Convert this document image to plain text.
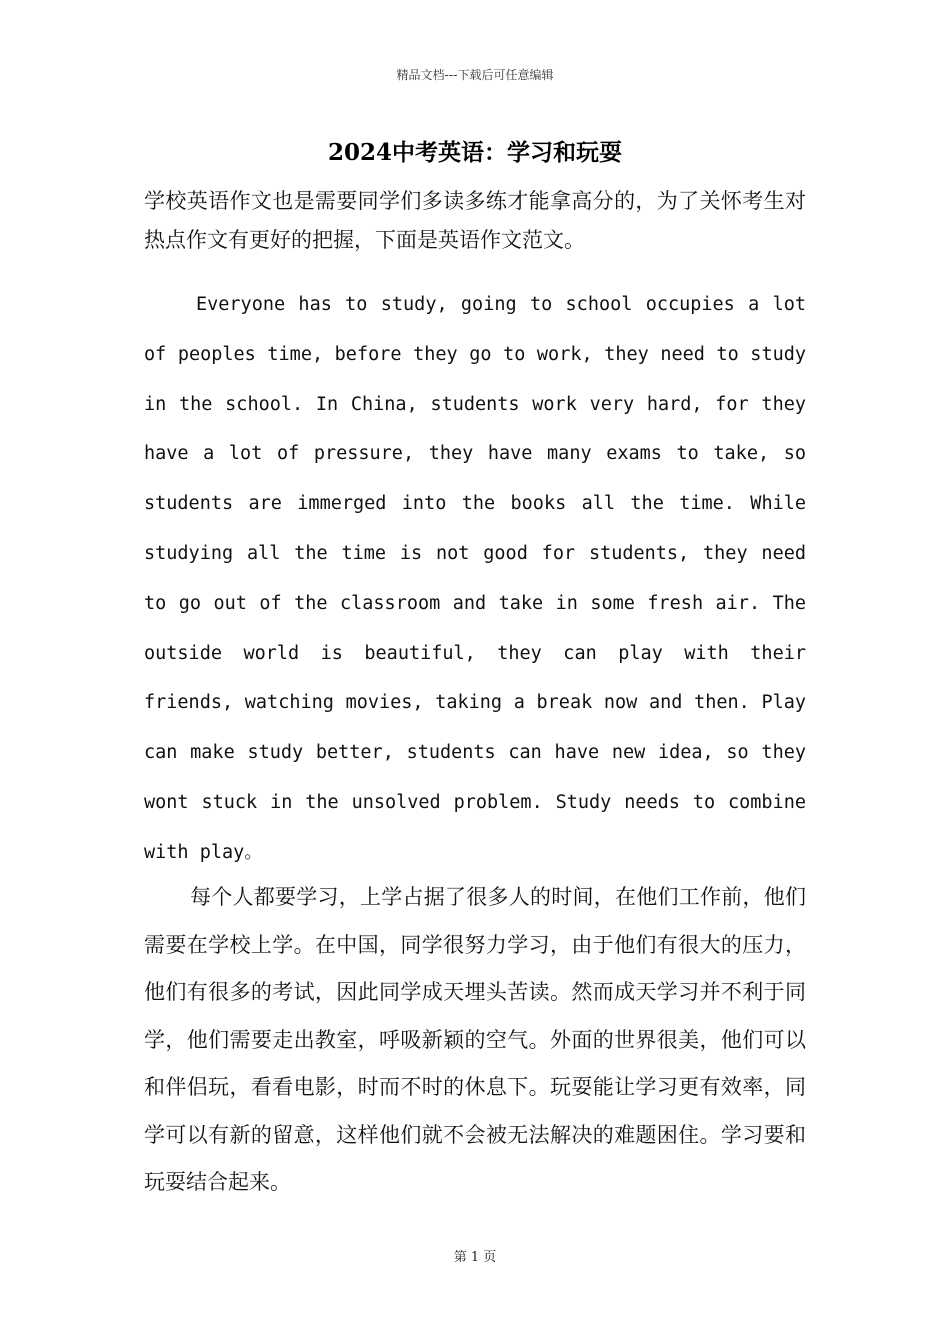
精品文档---下载后可任意编辑
2024中考英语：学习和玩耍

学校英语作文也是需要同学们多读多练才能拿高分的，为了关怀考生对热点作文有更好的把握，下面是英语作文范文。

Everyone has to study, going to school occupies a lot of peoples time, before they go to work, they need to study in the school. In China, students work very hard, for they have a lot of pressure, they have many exams to take, so students are immerged into the books all the time. While studying all the time is not good for students, they need to go out of the classroom and take in some fresh air. The outside world is beautiful, they can play with their friends, watching movies, taking a break now and then. Play can make study better, students can have new idea, so they wont stuck in the unsolved problem. Study needs to combine with play。

每个人都要学习，上学占据了很多人的时间，在他们工作前，他们需要在学校上学。在中国，同学很努力学习，由于他们有很大的压力，他们有很多的考试，因此同学成天埋头苦读。然而成天学习并不利于同学，他们需要走出教室，呼吸新颖的空气。外面的世界很美，他们可以和伴侣玩，看看电影，时而不时的休息下。玩耍能让学习更有效率，同学可以有新的留意，这样他们就不会被无法解决的难题困住。学习要和玩耍结合起来。

第 1 页
